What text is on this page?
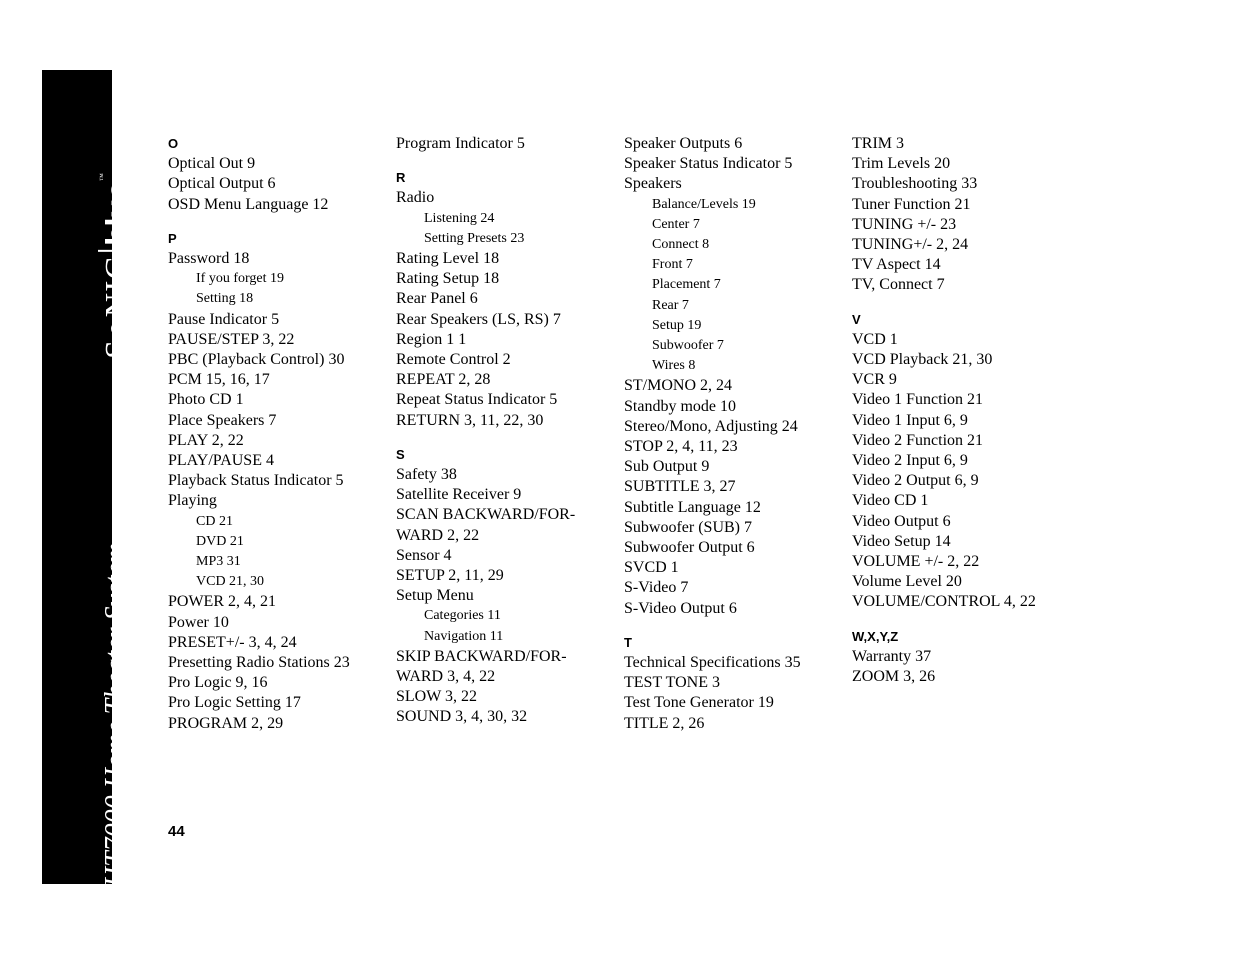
S●NIC
blue
™
DHT7000 Home Theater System
O
Optical Out 9
Optical Output 6
OSD Menu Language 12
P
Password 18
If you forget 19
Setting 18
Pause Indicator 5
PAUSE/STEP 3, 22
PBC (Playback Control) 30
PCM 15, 16, 17
Photo CD 1
Place Speakers 7
PLAY 2, 22
PLAY/PAUSE 4
Playback Status Indicator 5
Playing
CD 21
DVD 21
MP3 31
VCD 21, 30
POWER 2, 4, 21
Power 10
PRESET+/- 3, 4, 24
Presetting Radio Stations 23
Pro Logic 9, 16
Pro Logic Setting 17
PROGRAM 2, 29
Program Indicator 5
R
Radio
Listening 24
Setting Presets 23
Rating Level 18
Rating Setup 18
Rear Panel 6
Rear Speakers (LS, RS) 7
Region 1 1
Remote Control 2
REPEAT 2, 28
Repeat Status Indicator 5
RETURN 3, 11, 22, 30
S
Safety 38
Satellite Receiver 9
SCAN BACKWARD/FOR-
WARD 2, 22
Sensor 4
SETUP 2, 11, 29
Setup Menu
Categories 11
Navigation 11
SKIP BACKWARD/FOR-
WARD 3, 4, 22
SLOW 3, 22
SOUND 3, 4, 30, 32
Speaker Outputs 6
Speaker Status Indicator 5
Speakers
Balance/Levels 19
Center 7
Connect 8
Front 7
Placement 7
Rear 7
Setup 19
Subwoofer 7
Wires 8
ST/MONO 2, 24
Standby mode 10
Stereo/Mono, Adjusting 24
STOP 2, 4, 11, 23
Sub Output 9
SUBTITLE 3, 27
Subtitle Language 12
Subwoofer (SUB) 7
Subwoofer Output 6
SVCD 1
S-Video 7
S-Video Output 6
T
Technical Specifications 35
TEST TONE 3
Test Tone Generator 19
TITLE 2, 26
TRIM 3
Trim Levels 20
Troubleshooting 33
Tuner Function 21
TUNING +/- 23
TUNING+/- 2, 24
TV Aspect 14
TV, Connect 7
V
VCD 1
VCD Playback 21, 30
VCR 9
Video 1 Function 21
Video 1 Input 6, 9
Video 2 Function 21
Video 2 Input 6, 9
Video 2 Output 6, 9
Video CD 1
Video Output 6
Video Setup 14
VOLUME +/- 2, 22
Volume Level 20
VOLUME/CONTROL 4, 22
W,X,Y,Z
Warranty 37
ZOOM 3, 26
44
